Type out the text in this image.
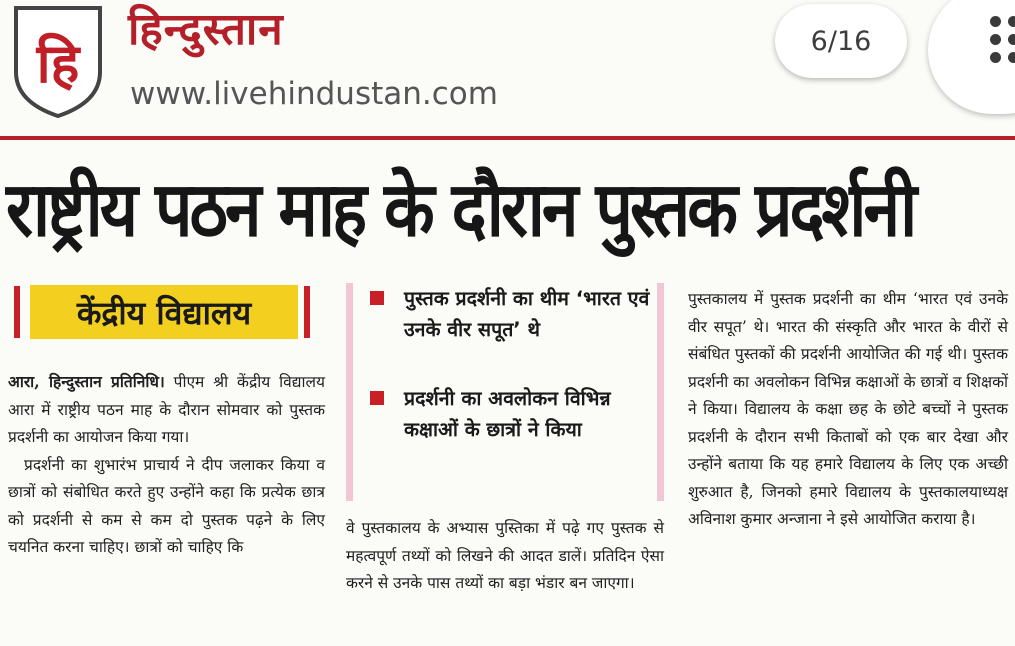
हि
हिन्दुस्तान
www.livehindustan.com
6/16
राष्ट्रीय पठन माह के दौरान पुस्तक प्रदर्शनी
केंद्रीय विद्यालय

आरा, हिन्दुस्तान प्रतिनिधि। पीएम श्री केंद्रीय विद्यालय आरा में राष्ट्रीय पठन माह के दौरान सोमवार को पुस्तक प्रदर्शनी का आयोजन किया गया।

प्रदर्शनी का शुभारंभ प्राचार्य ने दीप जलाकर किया व छात्रों को संबोधित करते हुए उन्होंने कहा कि प्रत्येक छात्र को प्रदर्शनी से कम से कम दो पुस्तक पढ़ने के लिए चयनित करना चाहिए। छात्रों को चाहिए कि

पुस्तक प्रदर्शनी का थीम ‘भारत एवं उनके वीर सपूत’ थे
प्रदर्शनी का अवलोकन विभिन्न कक्षाओं के छात्रों ने किया

वे पुस्तकालय के अभ्यास पुस्तिका में पढ़े गए पुस्तक से महत्वपूर्ण तथ्यों को लिखने की आदत डालें। प्रतिदिन ऐसा करने से उनके पास तथ्यों का बड़ा भंडार बन जाएगा।

पुस्तकालय में पुस्तक प्रदर्शनी का थीम ‘भारत एवं उनके वीर सपूत’ थे। भारत की संस्कृति और भारत के वीरों से संबंधित पुस्तकों की प्रदर्शनी आयोजित की गई थी। पुस्तक प्रदर्शनी का अवलोकन विभिन्न कक्षाओं के छात्रों व शिक्षकों ने किया। विद्यालय के कक्षा छह के छोटे बच्चों ने पुस्तक प्रदर्शनी के दौरान सभी किताबों को एक बार देखा और उन्होंने बताया कि यह हमारे विद्यालय के लिए एक अच्छी शुरुआत है, जिनको हमारे विद्यालय के पुस्तकालयाध्यक्ष अविनाश कुमार अन्जाना ने इसे आयोजित कराया है।
